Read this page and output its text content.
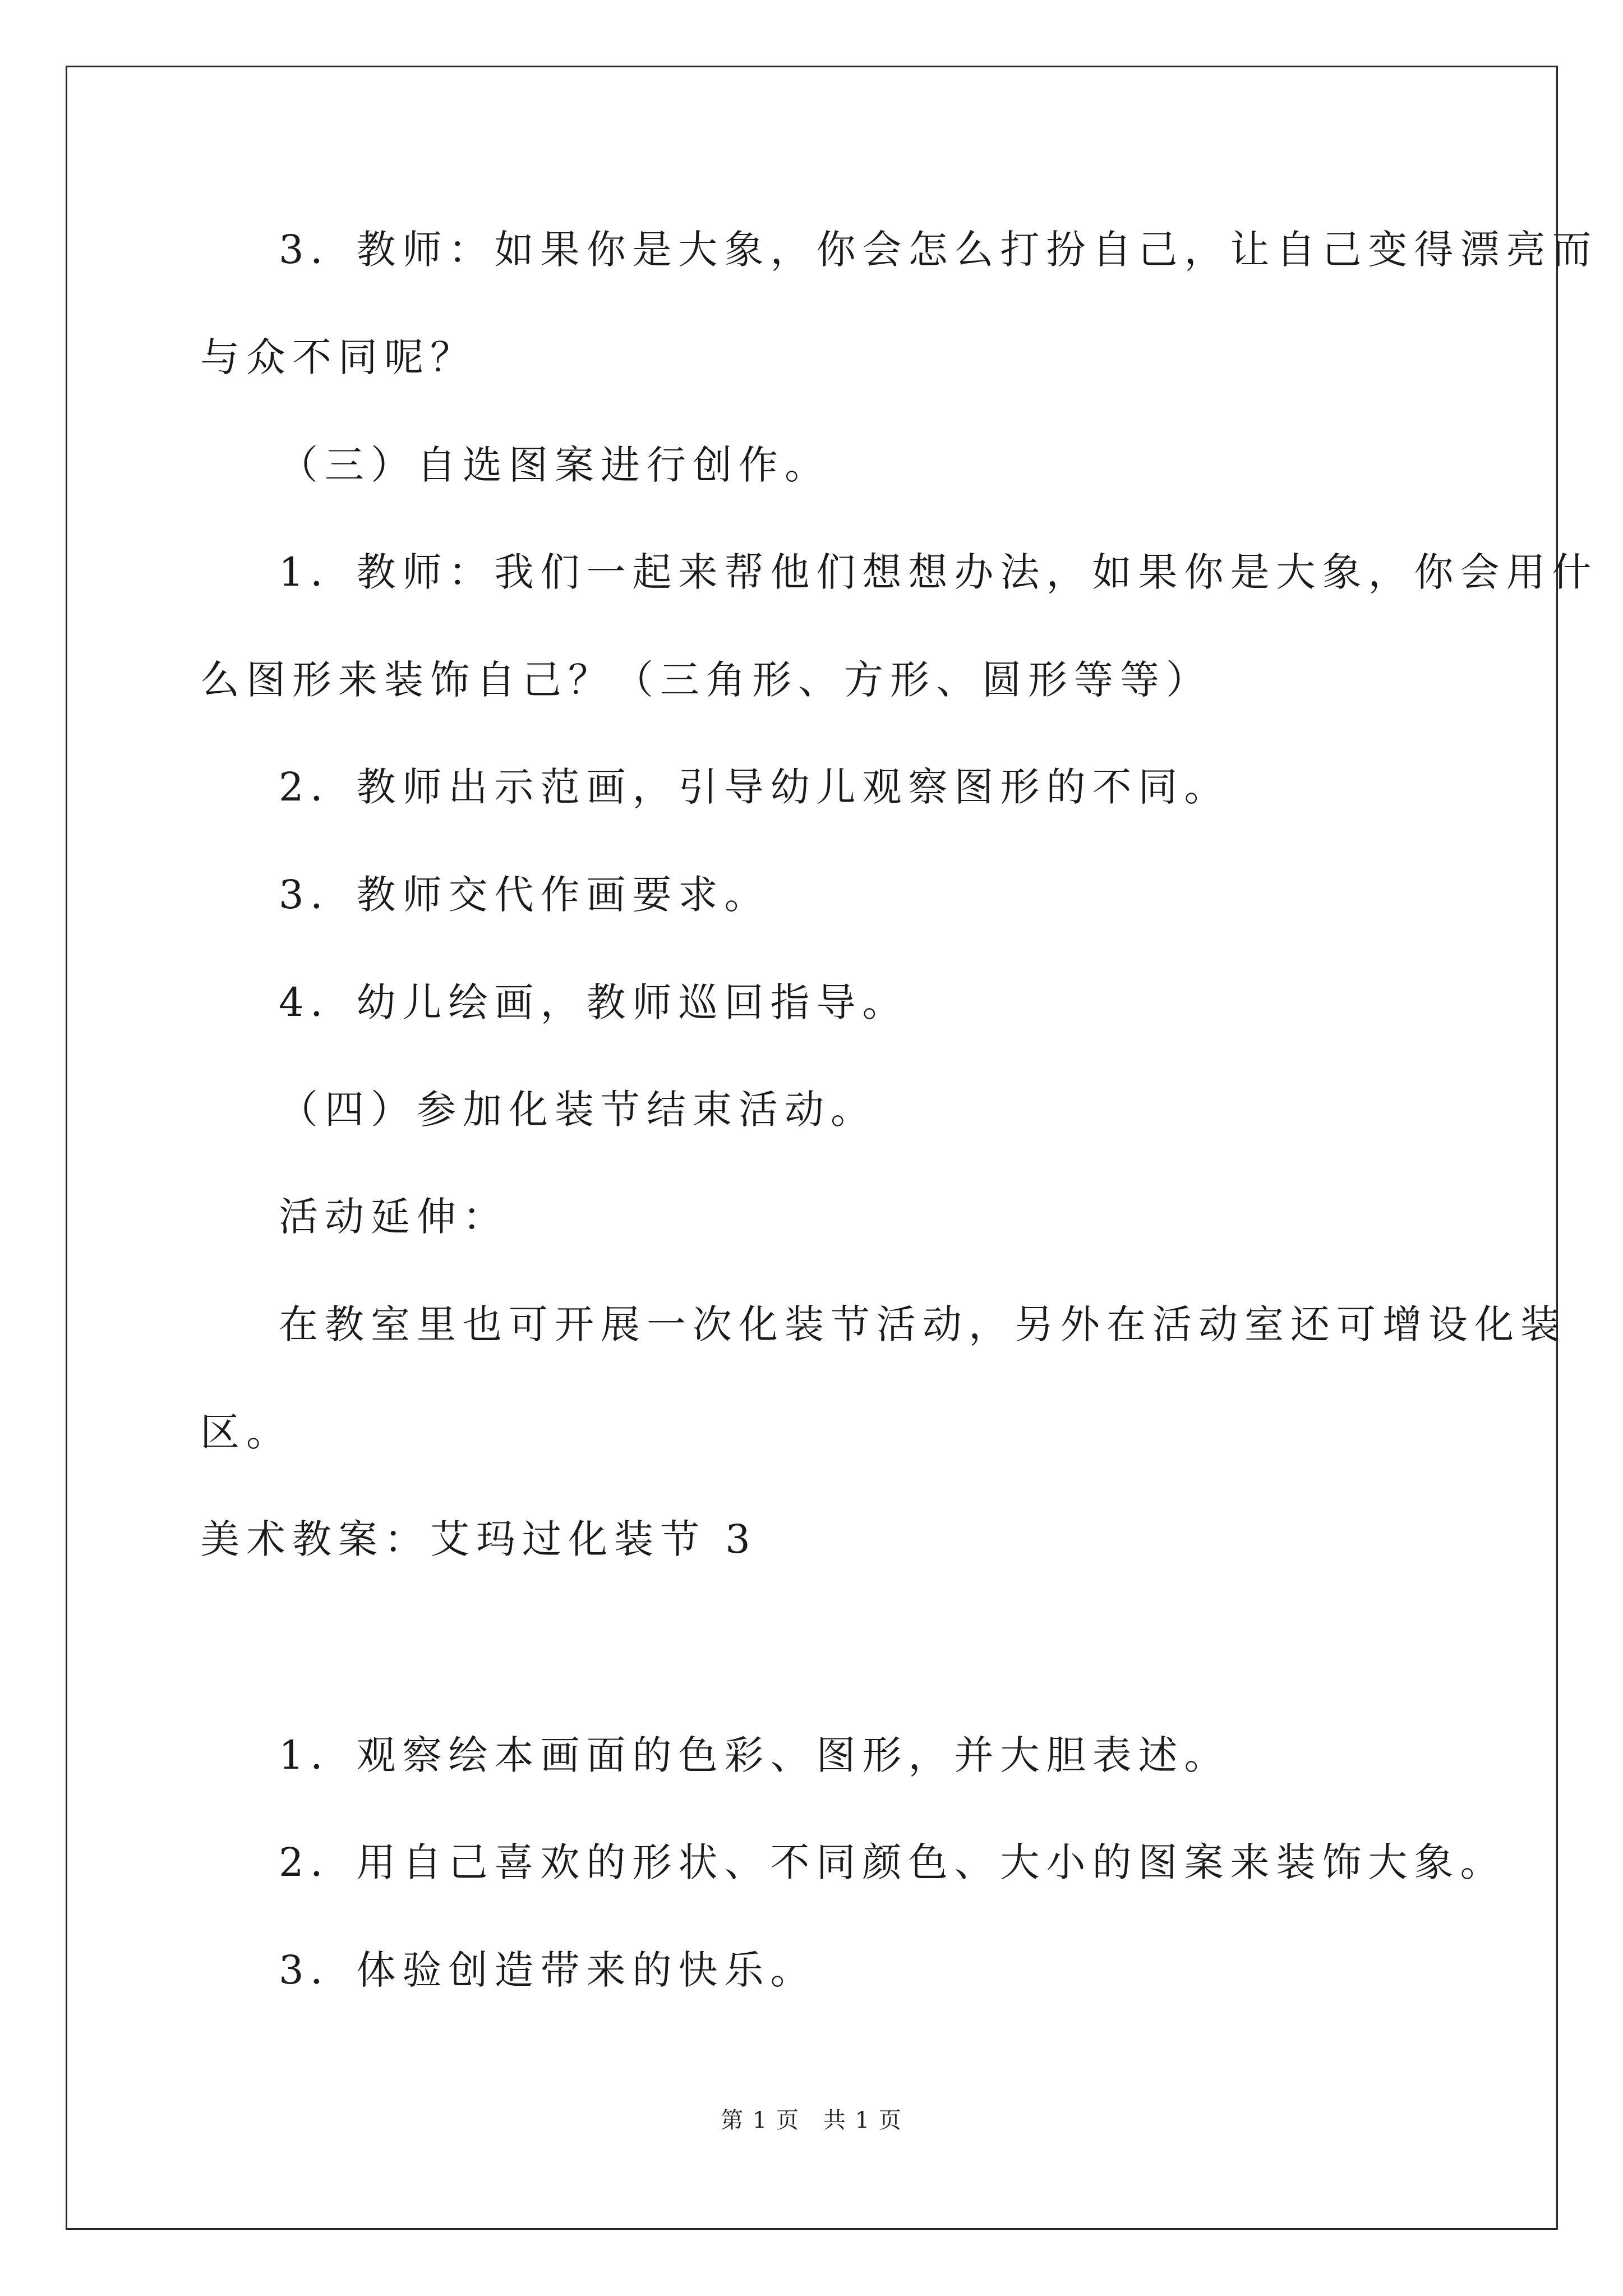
3．教师：如果你是大象，你会怎么打扮自己，让自己变得漂亮而
与众不同呢？
（三）自选图案进行创作。
1．教师：我们一起来帮他们想想办法，如果你是大象，你会用什
么图形来装饰自己？（三角形、方形、圆形等等）
2．教师出示范画，引导幼儿观察图形的不同。
3．教师交代作画要求。
4．幼儿绘画，教师巡回指导。
（四）参加化装节结束活动。
活动延伸：
在教室里也可开展一次化装节活动，另外在活动室还可增设化装
区。
美术教案：艾玛过化装节 3
1．观察绘本画面的色彩、图形，并大胆表述。
2．用自己喜欢的形状、不同颜色、大小的图案来装饰大象。
3．体验创造带来的快乐。
第 1 页　共 1 页
